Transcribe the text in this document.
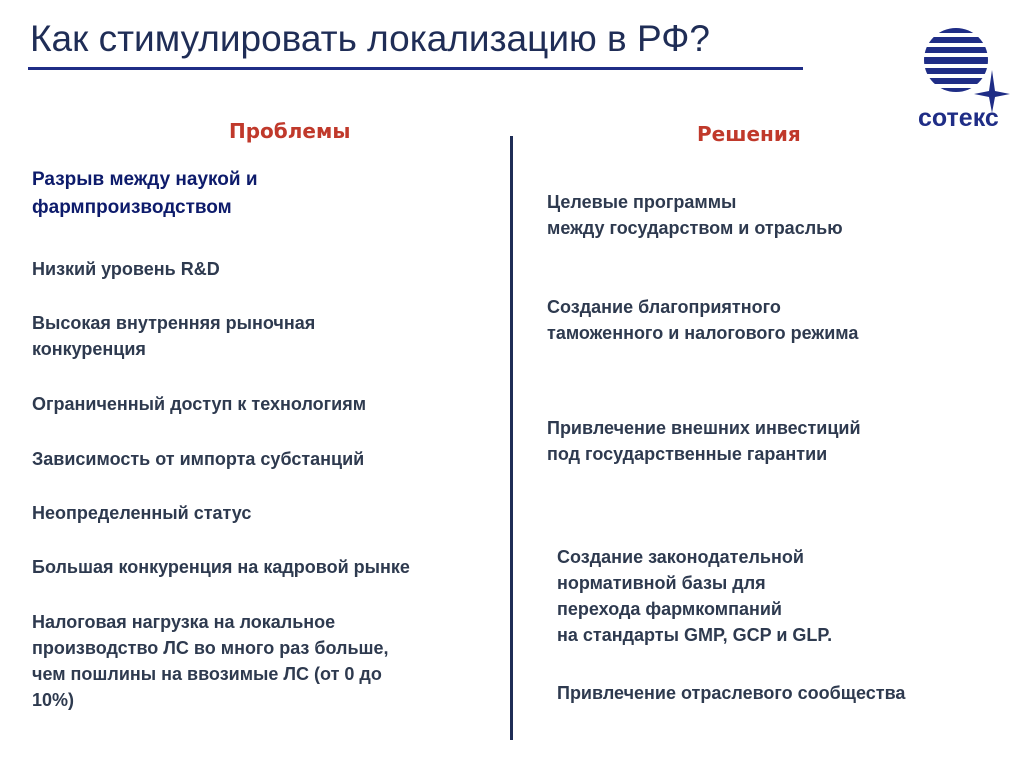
Как стимулировать локализацию в РФ?
сотекс
Проблемы	Решения
Разрыв между наукой и
фармпроизводством
Низкий уровень R&D
Высокая внутренняя рыночная
конкуренция
Ограниченный доступ к технологиям
Зависимость от импорта субстанций
Неопределенный статус
Большая конкуренция на кадровой рынке
Налоговая нагрузка на локальное
производство ЛС во много раз больше,
чем пошлины на ввозимые ЛС (от 0 до
10%)
Целевые программы
между государством и отраслью
Создание благоприятного
таможенного и налогового режима
Привлечение внешних инвестиций
под государственные гарантии
Создание законодательной
нормативной базы для
перехода фармкомпаний
на стандарты GMP, GCP и GLP.
Привлечение отраслевого сообщества
